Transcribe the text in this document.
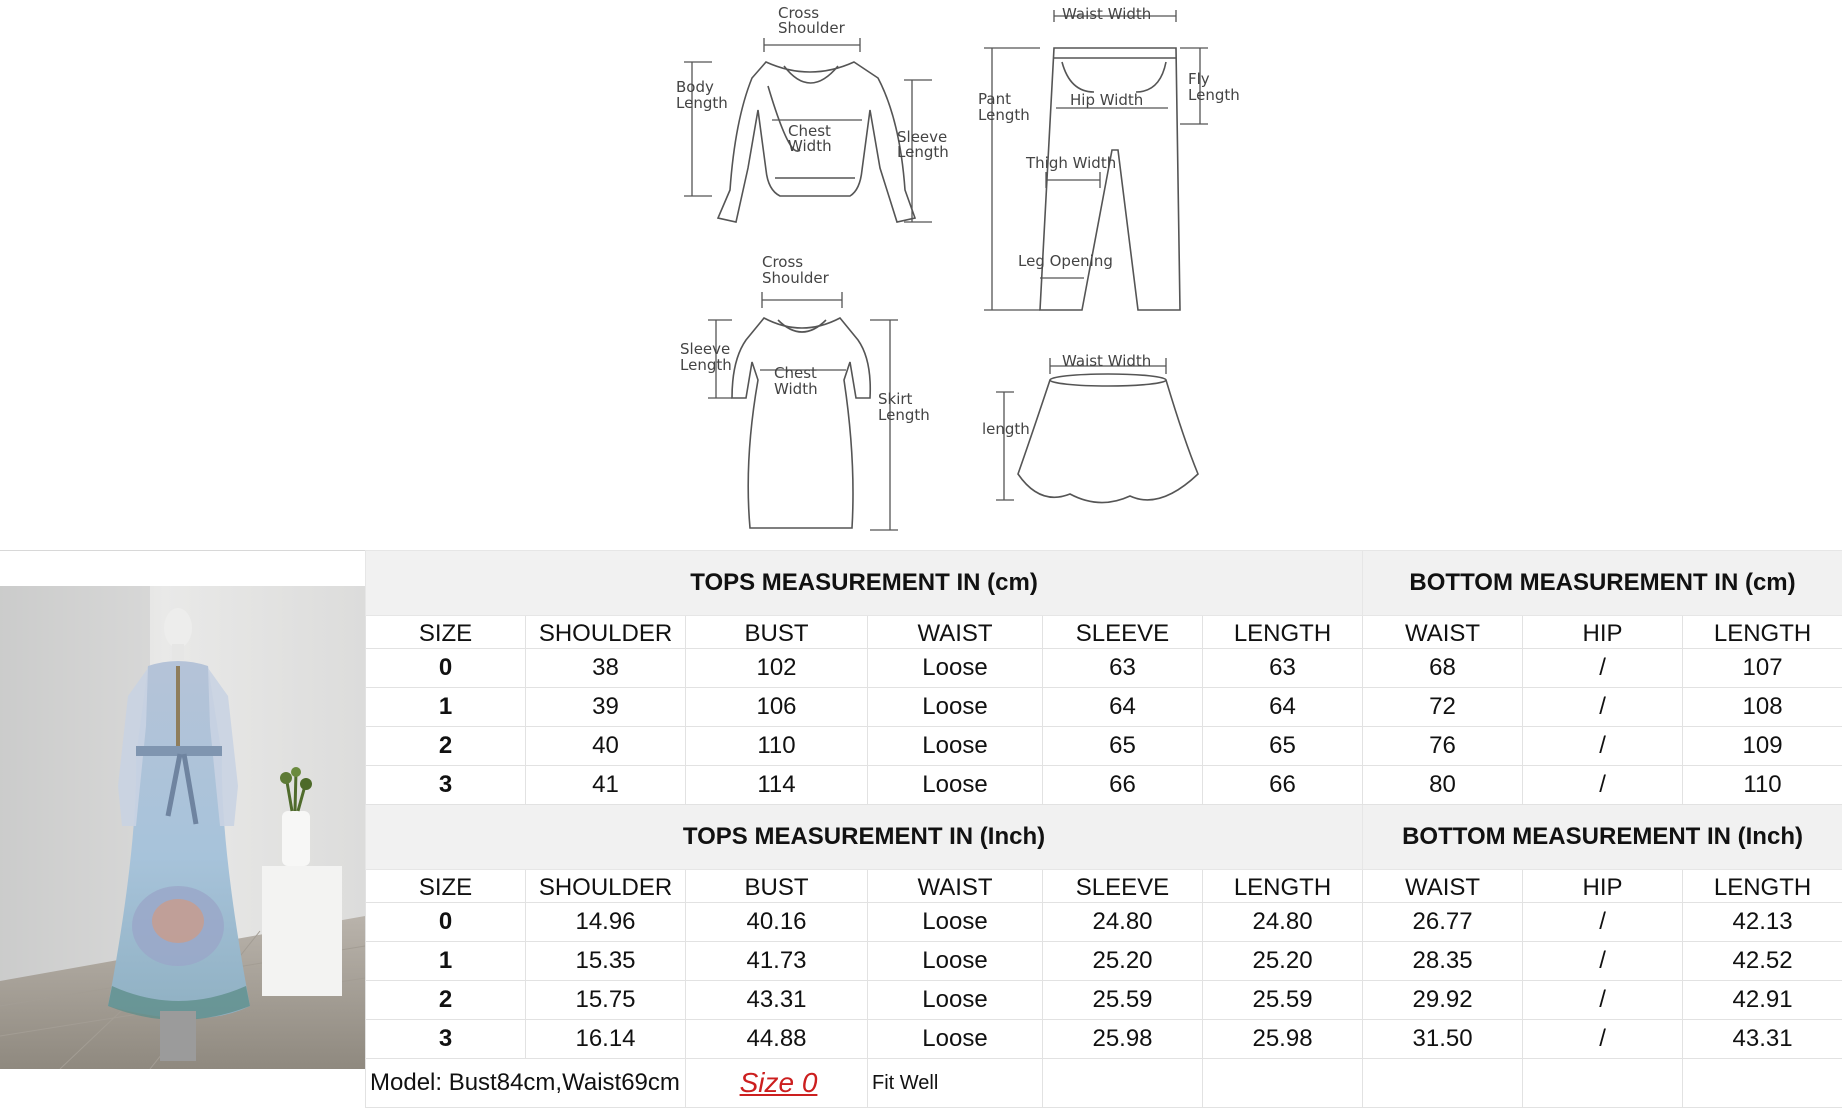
Cross
Shoulder
Body
Length
Chest
Width	Sleeve
Length
Waist Width
Pant
Length
Hip Width
Fly
Length
Thigh Width
Leg Opening
Cross
Shoulder
Sleeve
Length	Chest
Width
Skirt
Length
Waist Width
length
TOPS MEASUREMENT IN (cm)						BOTTOM MEASUREMENT IN (cm)		
SIZE	SHOULDER	BUST	WAIST	SLEEVE	LENGTH	WAIST	HIP	LENGTH
0	38	102	Loose	63	63	68	/	107
1	39	106	Loose	64	64	72	/	108
2	40	110	Loose	65	65	76	/	109
3	41	114	Loose	66	66	80	/	110
TOPS MEASUREMENT IN (Inch)						BOTTOM MEASUREMENT IN (Inch)		
SIZE	SHOULDER	BUST	WAIST	SLEEVE	LENGTH	WAIST	HIP	LENGTH
0	14.96	40.16	Loose	24.80	24.80	26.77	/	42.13
1	15.35	41.73	Loose	25.20	25.20	28.35	/	42.52
2	15.75	43.31	Loose	25.59	25.59	29.92	/	42.91
3	16.14	44.88	Loose	25.98	25.98	31.50	/	43.31
Model: Bust84cm,Waist69cm		Size 0	Fit Well					
